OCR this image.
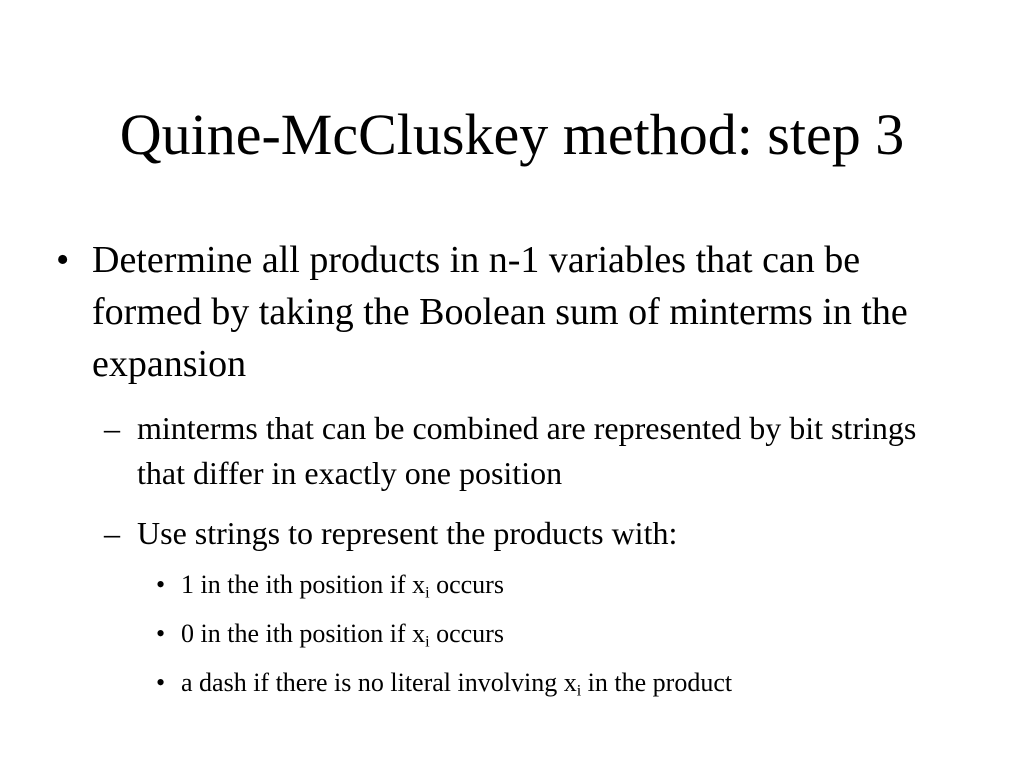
Quine-McCluskey method: step 3
• Determine all products in n-1 variables that can be formed by taking the Boolean sum of minterms in the expansion
– minterms that can be combined are represented by bit strings that differ in exactly one position
– Use strings to represent the products with:
• 1 in the ith position if $x_i$ occurs
• 0 in the ith position if $x_i$ occurs
• a dash if there is no literal involving $x_i$ in the product
